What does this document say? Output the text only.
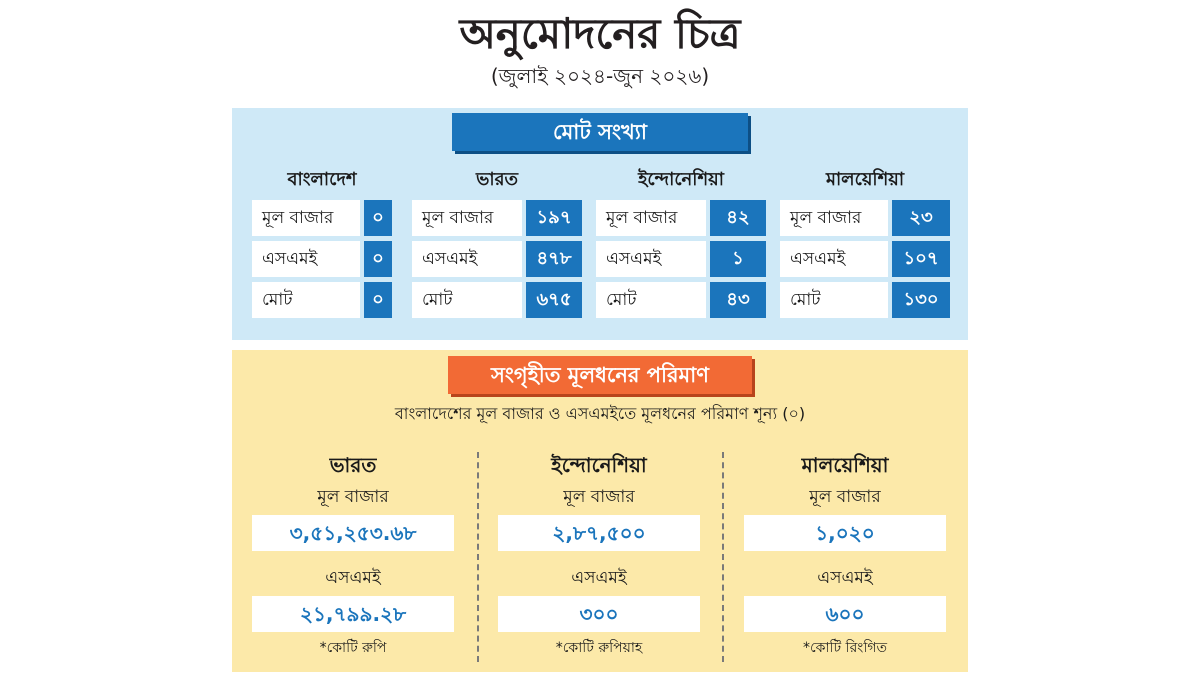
অনুমোদনের চিত্র
(জুলাই ২০২৪-জুন ২০২৬)
মোট সংখ্যা
বাংলাদেশ
মূল বাজার	০
এসএমই	০
মোট	০
ভারত
মূল বাজার	১৯৭
এসএমই	৪৭৮
মোট	৬৭৫
ইন্দোনেশিয়া
মূল বাজার	৪২
এসএমই	১
মোট	৪৩
মালয়েশিয়া
মূল বাজার	২৩
এসএমই	১০৭
মোট	১৩০
সংগৃহীত মূলধনের পরিমাণ
বাংলাদেশের মূল বাজার ও এসএমইতে মূলধনের পরিমাণ শূন্য (০)
ভারত
মূল বাজার
৩,৫১,২৫৩.৬৮
এসএমই
২১,৭৯৯.২৮
*কোটি রুপি
ইন্দোনেশিয়া
মূল বাজার
২,৮৭,৫০০
এসএমই
৩০০
*কোটি রুপিয়াহ
মালয়েশিয়া
মূল বাজার
১,০২০
এসএমই
৬০০
*কোটি রিংগিত
